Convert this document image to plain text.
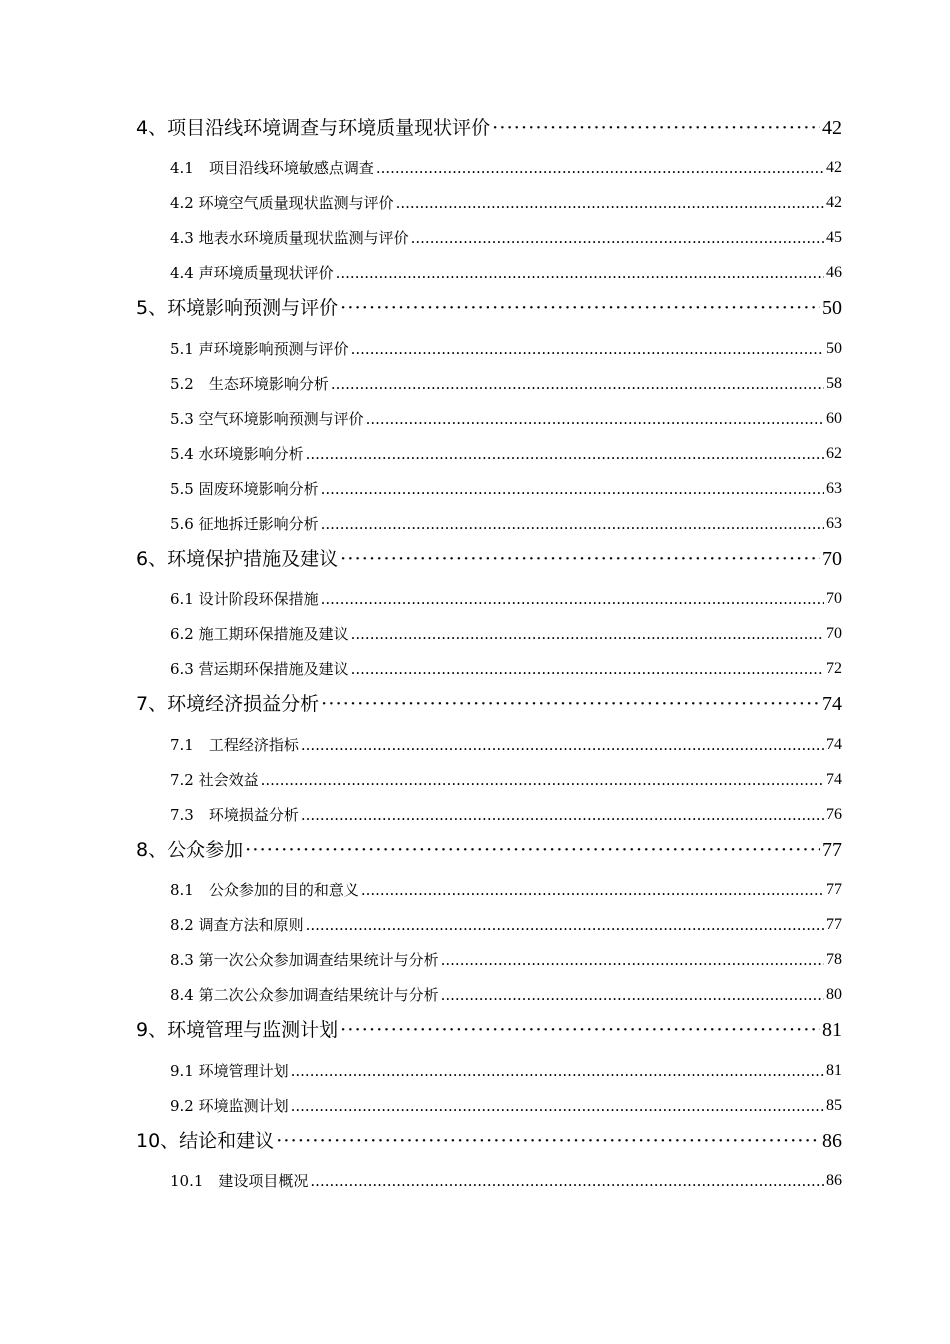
4、项目沿线环境调查与环境质量现状评价 ·····	42
4.1　项目沿线环境敏感点调查 .....	42
4.2 环境空气质量现状监测与评价 .....	42
4.3 地表水环境质量现状监测与评价 .....	45
4.4 声环境质量现状评价 .....	46
5、环境影响预测与评价 ·····	50
5.1 声环境影响预测与评价 .....	50
5.2　生态环境影响分析 .....	58
5.3 空气环境影响预测与评价 .....	60
5.4 水环境影响分析 .....	62
5.5 固废环境影响分析 .....	63
5.6 征地拆迁影响分析 .....	63
6、环境保护措施及建议 ·····	70
6.1 设计阶段环保措施 .....	70
6.2 施工期环保措施及建议 .....	70
6.3 营运期环保措施及建议 .....	72
7、环境经济损益分析 ·····	74
7.1　工程经济指标 .....	74
7.2 社会效益 .....	74
7.3　环境损益分析 .....	76
8、公众参加 ·····	77
8.1　公众参加的目的和意义 .....	77
8.2 调查方法和原则 .....	77
8.3 第一次公众参加调查结果统计与分析 .....	78
8.4 第二次公众参加调查结果统计与分析 .....	80
9、环境管理与监测计划 ·····	81
9.1 环境管理计划 .....	81
9.2 环境监测计划 .....	85
10、结论和建议 ·····	86
10.1　建设项目概况 .....	86
